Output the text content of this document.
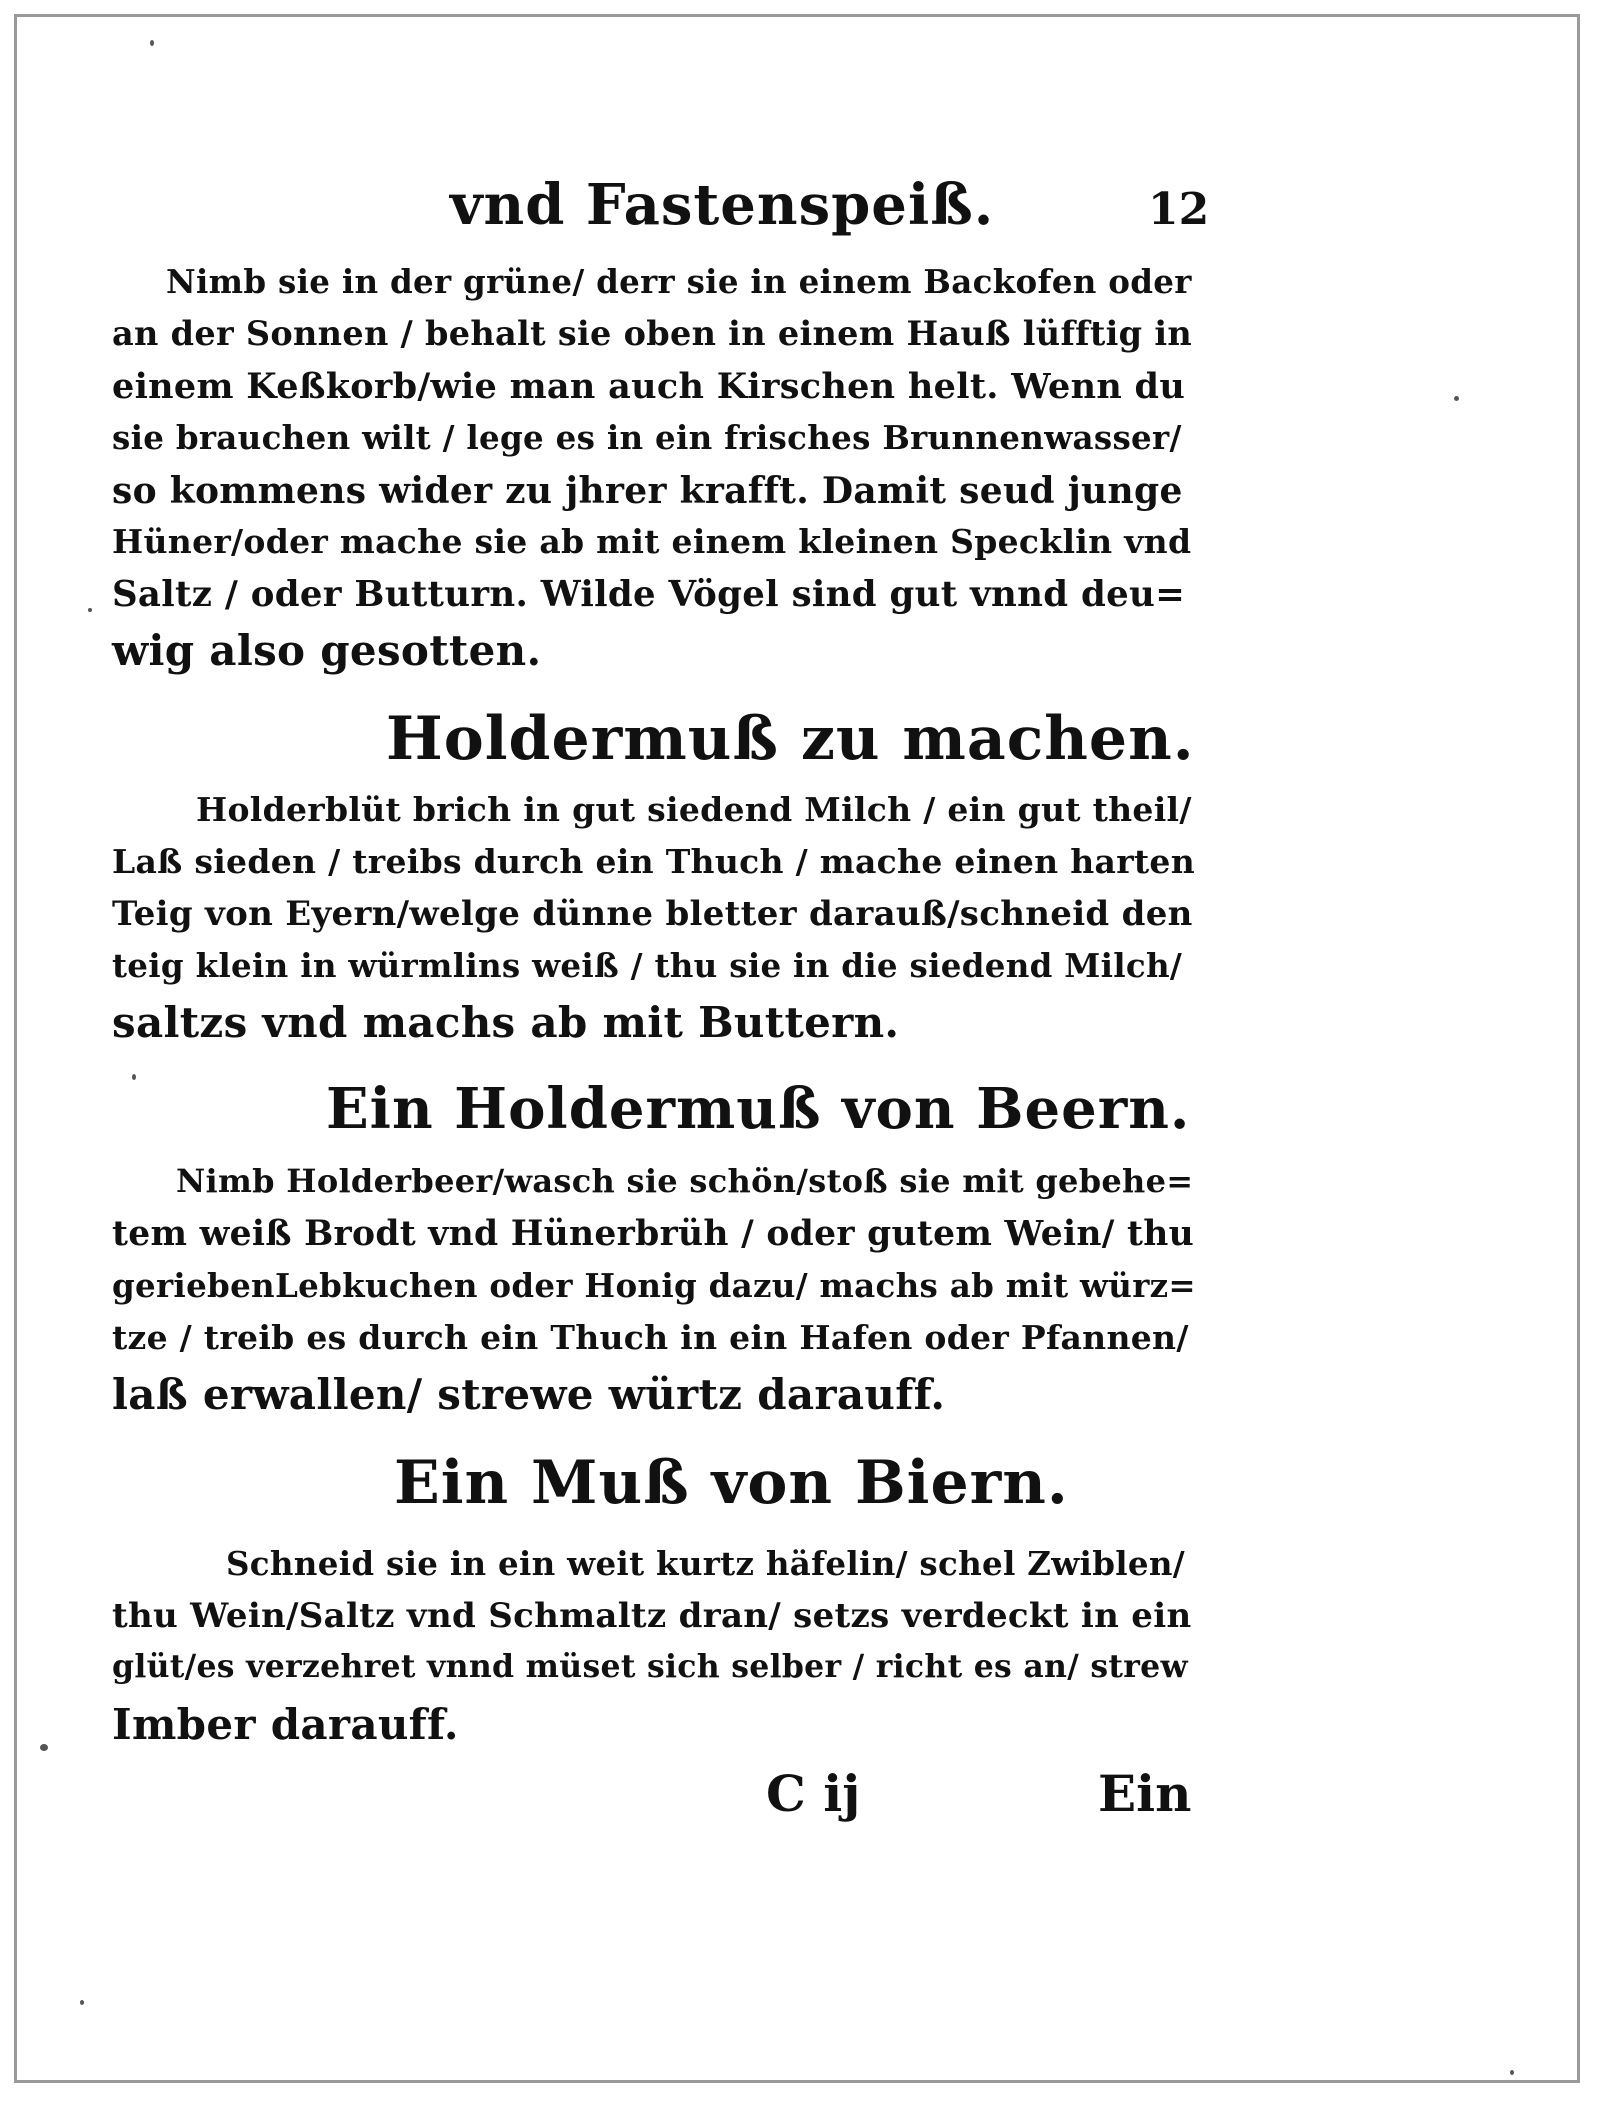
vnd Fastenspeiß.	12
Nimb sie in der grüne/ derr sie in einem Backofen oder
an der Sonnen / behalt sie oben in einem Hauß lüfftig in
einem Keßkorb/wie man auch Kirschen helt. Wenn du
sie brauchen wilt / lege es in ein frisches Brunnenwasser/
so kommens wider zu jhrer krafft. Damit seud junge
Hüner/oder mache sie ab mit einem kleinen Specklin vnd
Saltz / oder Butturn. Wilde Vögel sind gut vnnd deu=
wig also gesotten.
Holdermuß zu machen.
Holderblüt brich in gut siedend Milch / ein gut theil/
Laß sieden / treibs durch ein Thuch / mache einen harten
Teig von Eyern/welge dünne bletter darauß/schneid den
teig klein in würmlins weiß / thu sie in die siedend Milch/
saltzs vnd machs ab mit Buttern.
Ein Holdermuß von Beern.
Nimb Holderbeer/wasch sie schön/stoß sie mit gebehe=
tem weiß Brodt vnd Hünerbrüh / oder gutem Wein/ thu
geriebenLebkuchen oder Honig dazu/ machs ab mit würz=
tze / treib es durch ein Thuch in ein Hafen oder Pfannen/
laß erwallen/ strewe würtz darauff.
Ein Muß von Biern.
Schneid sie in ein weit kurtz häfelin/ schel Zwiblen/
thu Wein/Saltz vnd Schmaltz dran/ setzs verdeckt in ein
glüt/es verzehret vnnd müset sich selber / richt es an/ strew
Imber darauff.
C ij	Ein
